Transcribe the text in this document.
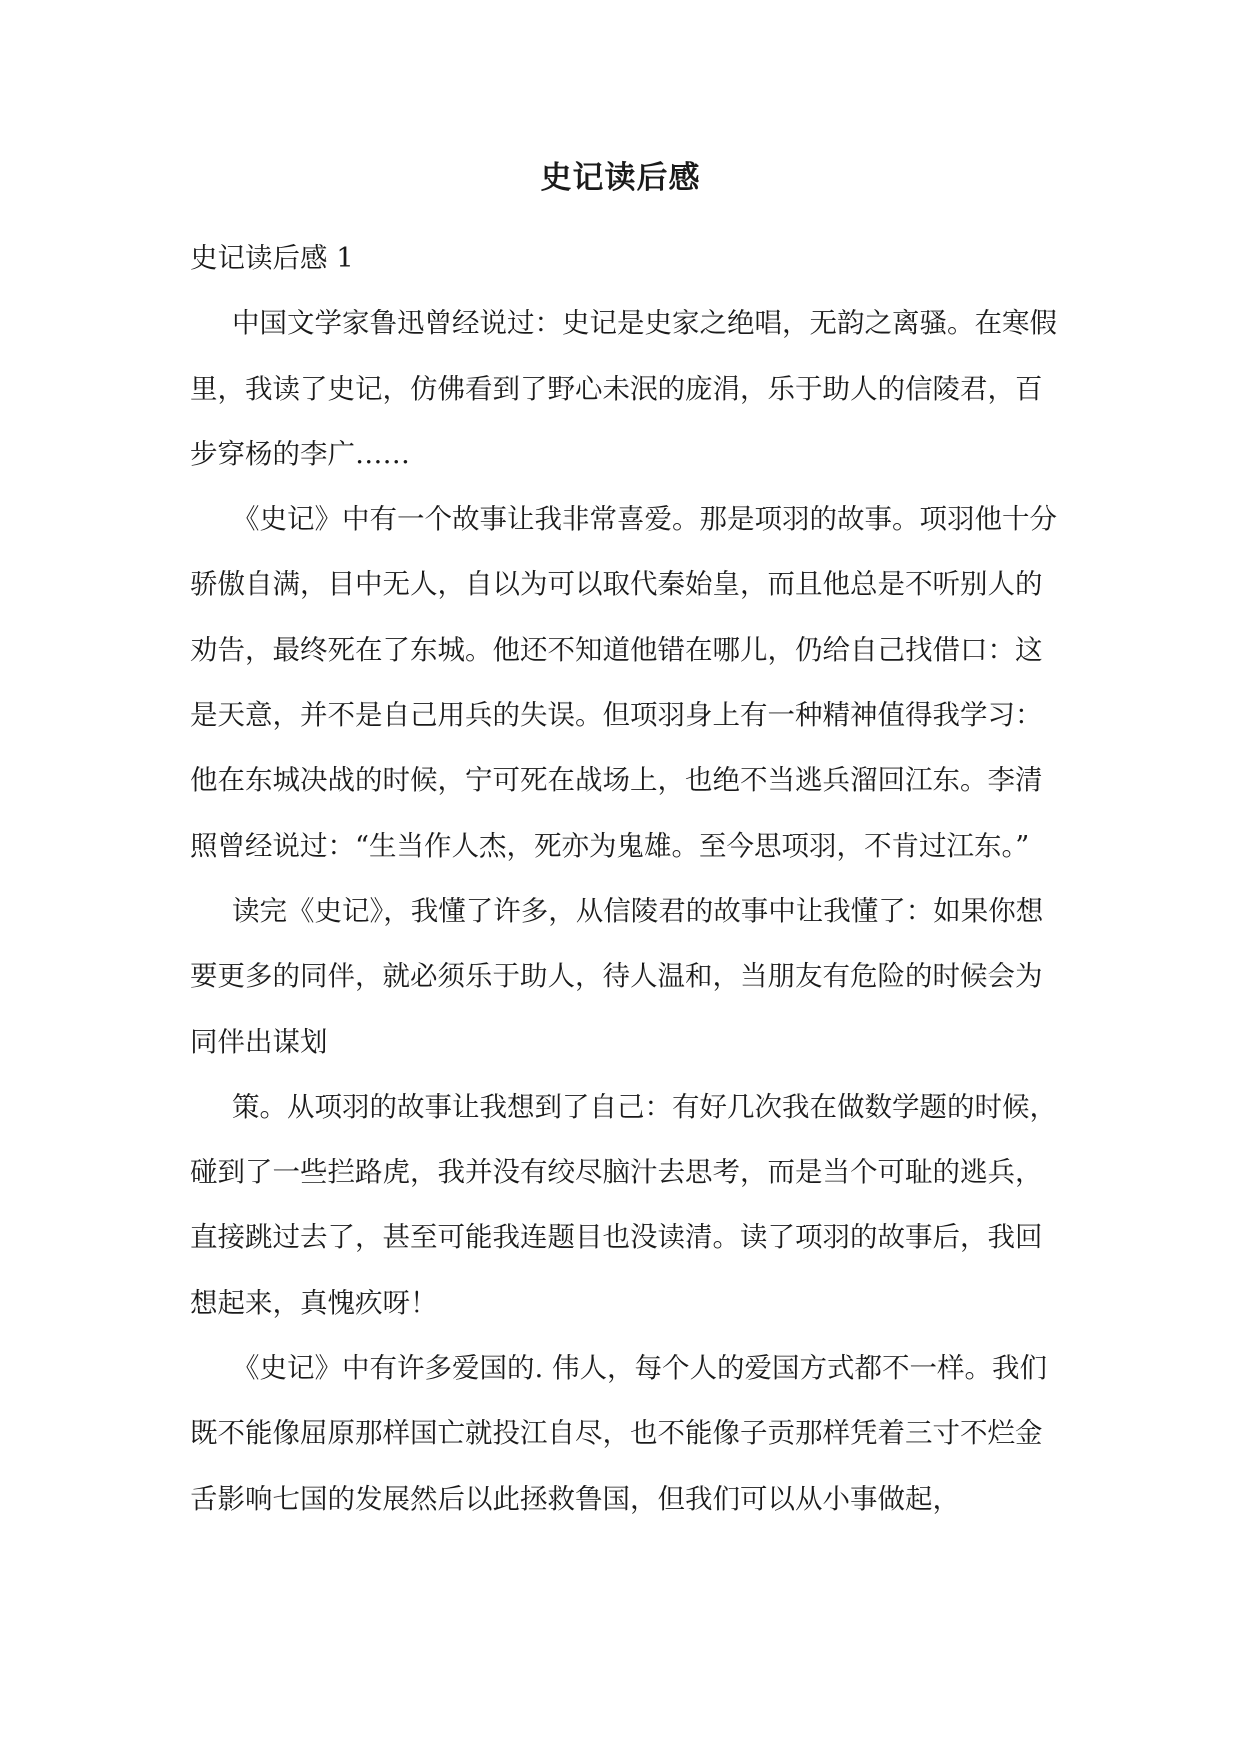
史记读后感

史记读后感 1

中国文学家鲁迅曾经说过：史记是史家之绝唱，无韵之离骚。在寒假里，我读了史记，仿佛看到了野心未泯的庞涓，乐于助人的信陵君，百步穿杨的李广……

《史记》中有一个故事让我非常喜爱。那是项羽的故事。项羽他十分骄傲自满，目中无人，自以为可以取代秦始皇，而且他总是不听别人的劝告，最终死在了东城。他还不知道他错在哪儿，仍给自己找借口：这是天意，并不是自己用兵的失误。但项羽身上有一种精神值得我学习：他在东城决战的时候，宁可死在战场上，也绝不当逃兵溜回江东。李清照曾经说过：“生当作人杰，死亦为鬼雄。至今思项羽，不肯过江东。”

读完《史记》，我懂了许多，从信陵君的故事中让我懂了：如果你想要更多的同伴，就必须乐于助人，待人温和，当朋友有危险的时候会为同伴出谋划

策。从项羽的故事让我想到了自己：有好几次我在做数学题的时候，碰到了一些拦路虎，我并没有绞尽脑汁去思考，而是当个可耻的逃兵，直接跳过去了，甚至可能我连题目也没读清。读了项羽的故事后，我回想起来，真愧疚呀！

《史记》中有许多爱国的. 伟人，每个人的爱国方式都不一样。我们既不能像屈原那样国亡就投江自尽，也不能像子贡那样凭着三寸不烂金舌影响七国的发展然后以此拯救鲁国，但我们可以从小事做起，
